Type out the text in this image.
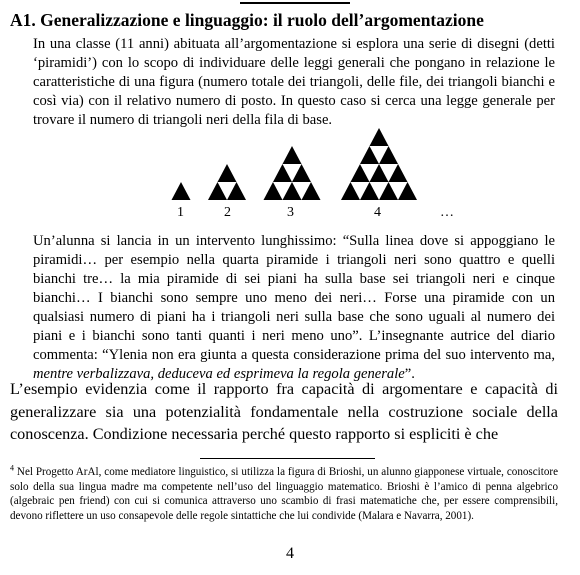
A1. Generalizzazione e linguaggio: il ruolo dell’argomentazione
In una classe (11 anni) abituata all’argomentazione si esplora una serie di disegni (detti ‘piramidi’) con lo scopo di individuare delle leggi generali che pongano in relazione le caratteristiche di una figura (numero totale dei triangoli, delle file, dei triangoli bianchi e così via) con il relativo numero di posto. In questo caso si cerca una legge generale per trovare il numero di triangoli neri della fila di base.
1	2	3	4	…
Un’alunna si lancia in un intervento lunghissimo: “Sulla linea dove si appoggiano le piramidi… per esempio nella quarta piramide i triangoli neri sono quattro e quelli bianchi tre… la mia piramide di sei piani ha sulla base sei triangoli neri e cinque bianchi… I bianchi sono sempre uno meno dei neri… Forse una piramide con un qualsiasi numero di piani ha i triangoli neri sulla base che sono uguali al numero dei piani e i bianchi sono tanti quanti i neri meno uno”. L’insegnante autrice del diario commenta: “Ylenia non era giunta a questa considerazione prima del suo intervento ma, mentre verbalizzava, deduceva ed esprimeva la regola generale”.
L’esempio evidenzia come il rapporto fra capacità di argomentare e capacità di generalizzare sia una potenzialità fondamentale nella costruzione sociale della conoscenza. Condizione necessaria perché questo rapporto si espliciti è che
$^4$ Nel Progetto ArAl, come mediatore linguistico, si utilizza la figura di Brioshi, un alunno giapponese virtuale, conoscitore solo della sua lingua madre ma competente nell’uso del linguaggio matematico. Brioshi è l’amico di penna algebrico (algebraic pen friend) con cui si comunica attraverso uno scambio di frasi matematiche che, per essere comprensibili, devono riflettere un uso consapevole delle regole sintattiche che lui condivide (Malara e Navarra, 2001).
4
